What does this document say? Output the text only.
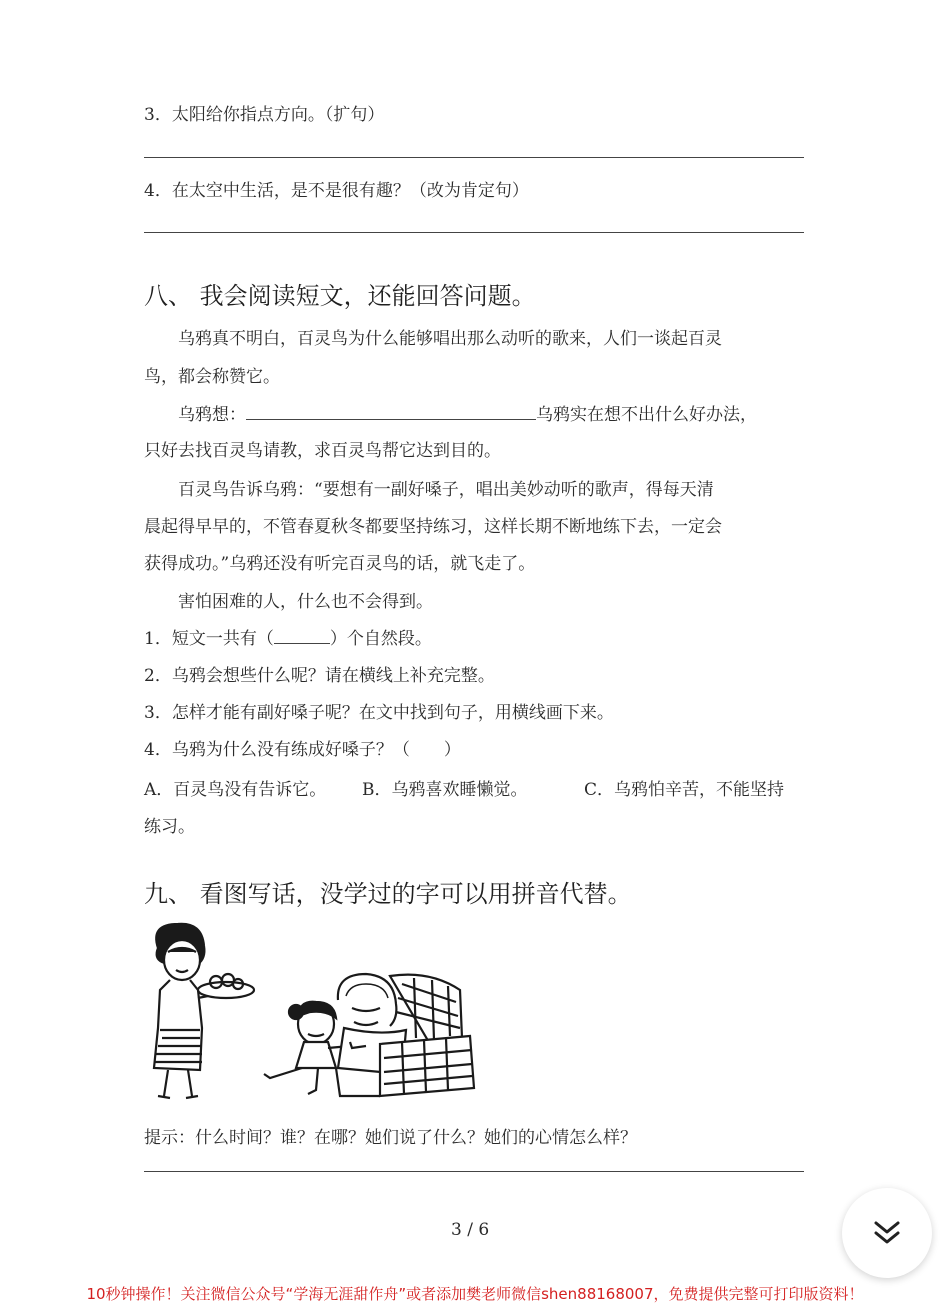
3．太阳给你指点方向。（扩句）
4．在太空中生活，是不是很有趣？（改为肯定句）
八、 我会阅读短文，还能回答问题。
乌鸦真不明白，百灵鸟为什么能够唱出那么动听的歌来，人们一谈起百灵
鸟，都会称赞它。
乌鸦想：	乌鸦实在想不出什么好办法，
只好去找百灵鸟请教，求百灵鸟帮它达到目的。
百灵鸟告诉乌鸦：“要想有一副好嗓子，唱出美妙动听的歌声，得每天清
晨起得早早的，不管春夏秋冬都要坚持练习，这样长期不断地练下去，一定会
获得成功。”乌鸦还没有听完百灵鸟的话，就飞走了。
害怕困难的人，什么也不会得到。
1．短文一共有（	）个自然段。
2．乌鸦会想些什么呢？请在横线上补充完整。
3．怎样才能有副好嗓子呢？在文中找到句子，用横线画下来。
4．乌鸦为什么没有练成好嗓子？（　　）
A．百灵鸟没有告诉它。 B．乌鸦喜欢睡懒觉。	C．乌鸦怕辛苦，不能坚持
练习。
九、 看图写话，没学过的字可以用拼音代替。
提示：什么时间？谁？在哪？她们说了什么？她们的心情怎么样？
3 / 6
10秒钟操作！关注微信公众号“学海无涯甜作舟”或者添加樊老师微信shen88168007，免费提供完整可打印版资料！
